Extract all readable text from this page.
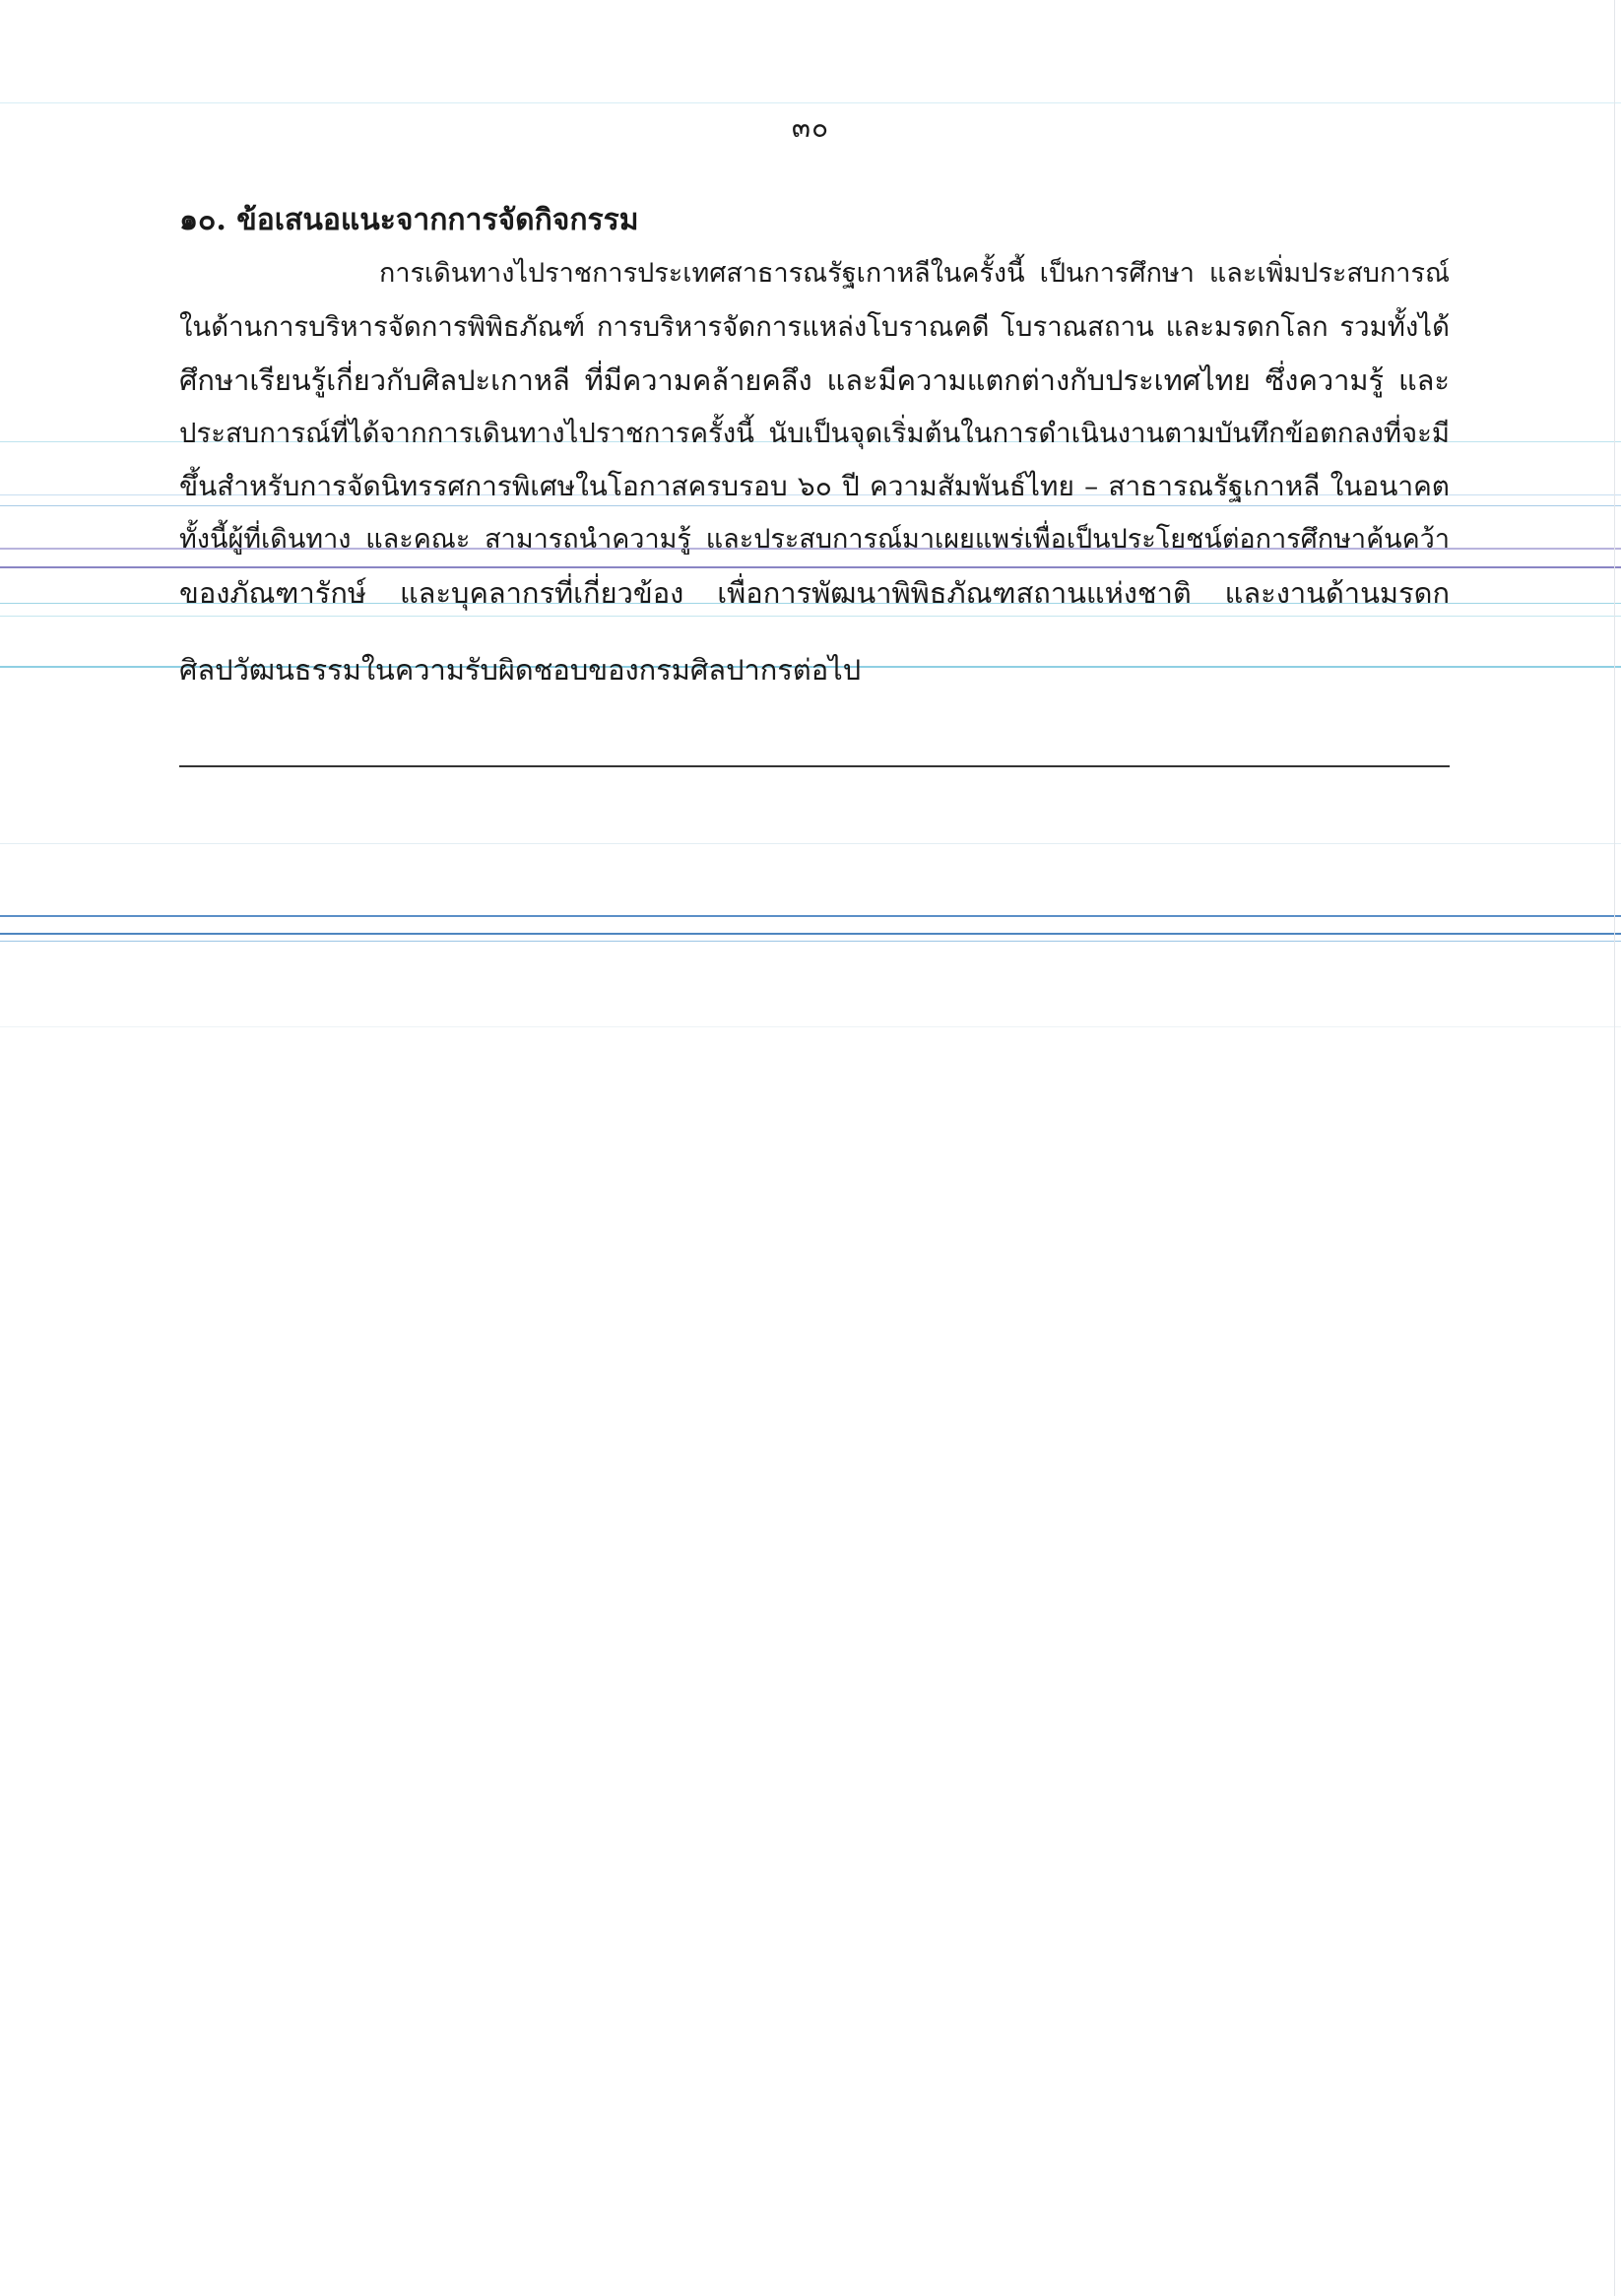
๓๐
๑๐. ข้อเสนอแนะจากการจัดกิจกรรม
การเดินทางไปราชการประเทศสาธารณรัฐเกาหลีในครั้งนี้ เป็นการศึกษา และเพิ่มประสบการณ์
ในด้านการบริหารจัดการพิพิธภัณฑ์ การบริหารจัดการแหล่งโบราณคดี โบราณสถาน และมรดกโลก รวมทั้งได้
ศึกษาเรียนรู้เกี่ยวกับศิลปะเกาหลี ที่มีความคล้ายคลึง และมีความแตกต่างกับประเทศไทย ซึ่งความรู้ และ
ประสบการณ์ที่ได้จากการเดินทางไปราชการครั้งนี้ นับเป็นจุดเริ่มต้นในการดำเนินงานตามบันทึกข้อตกลงที่จะมี
ขึ้นสำหรับการจัดนิทรรศการพิเศษในโอกาสครบรอบ ๖๐ ปี ความสัมพันธ์ไทย – สาธารณรัฐเกาหลี ในอนาคต
ทั้งนี้ผู้ที่เดินทาง และคณะ สามารถนำความรู้ และประสบการณ์มาเผยแพร่เพื่อเป็นประโยชน์ต่อการศึกษาค้นคว้า
ของภัณฑารักษ์ และบุคลากรที่เกี่ยวข้อง เพื่อการพัฒนาพิพิธภัณฑสถานแห่งชาติ และงานด้านมรดก
ศิลปวัฒนธรรมในความรับผิดชอบของกรมศิลปากรต่อไป
